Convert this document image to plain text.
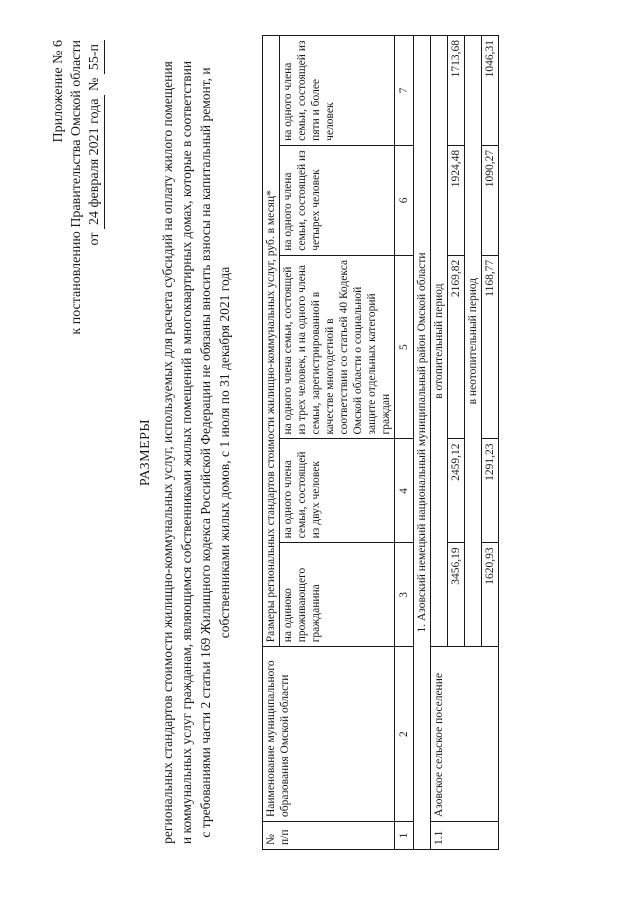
Приложение № 6 к постановлению Правительства Омской области от 24 февраля 2021 года № 55-п
РАЗМЕРЫ региональных стандартов стоимости жилищно-коммунальных услуг, используемых для расчета субсидий на оплату жилого помещения и коммунальных услуг гражданам, являющимся собственниками жилых помещений в многоквартирных домах, которые в соответствии с требованиями части 2 статьи 169 Жилищного кодекса Российской Федерации не обязаны вносить взносы на капитальный ремонт, и собственниками жилых домов, с 1 июля по 31 декабря 2021 года
№ п/п	Наименование муниципального образования Омской области	Размеры региональных стандартов стоимости жилищно-коммунальных услуг, руб. в месяц*				
		на одиноко проживающего гражданина	на одного члена семьи, состоящей из двух человек	на одного члена семьи, состоящей из трех человек, и на одного члена семьи, зарегистрированной в качестве многодетной в соответствии со статьей 40 Кодекса Омской области о социальной защите отдельных категорий граждан	на одного члена семьи, состоящей из четырех человек	на одного члена семьи, состоящей из пяти и более человек
1	2	3	4	5	6	7
1. Азовский немецкий национальный муниципальный район Омской области						
1.1	Азовское сельское поселение	в отопительный период				
		3456,19	2459,12	2169,82	1924,48	1713,68
		в неотопительный период				
		1620,93	1291,23	1168,77	1090,27	1046,31
